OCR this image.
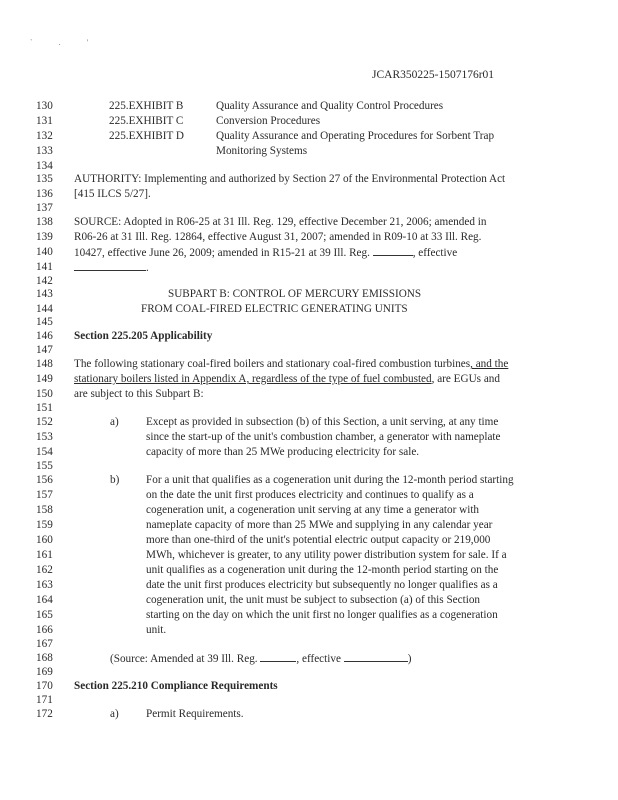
` . '
JCAR350225-1507176r01
130	225.EXHIBIT B	Quality Assurance and Quality Control Procedures
131	225.EXHIBIT C	Conversion Procedures
132	225.EXHIBIT D	Quality Assurance and Operating Procedures for Sorbent Trap
133	Monitoring Systems
134
135 AUTHORITY: Implementing and authorized by Section 27 of the Environmental Protection Act
136 [415 ILCS 5/27].
137
138 SOURCE: Adopted in R06-25 at 31 Ill. Reg. 129, effective December 21, 2006; amended in
139 R06-26 at 31 Ill. Reg. 12864, effective August 31, 2007; amended in R09-10 at 33 Ill. Reg.
140 10427, effective June 26, 2009; amended in R15-21 at 39 Ill. Reg.	, effective
141	.
142
143	SUBPART B: CONTROL OF MERCURY EMISSIONS
144	FROM COAL-FIRED ELECTRIC GENERATING UNITS
145
146 Section 225.205 Applicability
147
148 The following stationary coal-fired boilers and stationary coal-fired combustion turbines, and the
149 stationary boilers listed in Appendix A, regardless of the type of fuel combusted, are EGUs and
150 are subject to this Subpart B:
151
152	a) Except as provided in subsection (b) of this Section, a unit serving, at any time
153	since the start-up of the unit's combustion chamber, a generator with nameplate
154	capacity of more than 25 MWe producing electricity for sale.
155
156	b) For a unit that qualifies as a cogeneration unit during the 12-month period starting
157	on the date the unit first produces electricity and continues to qualify as a
158	cogeneration unit, a cogeneration unit serving at any time a generator with
159	nameplate capacity of more than 25 MWe and supplying in any calendar year
160	more than one-third of the unit's potential electric output capacity or 219,000
161	MWh, whichever is greater, to any utility power distribution system for sale. If a
162	unit qualifies as a cogeneration unit during the 12-month period starting on the
163	date the unit first produces electricity but subsequently no longer qualifies as a
164	cogeneration unit, the unit must be subject to subsection (a) of this Section
165	starting on the day on which the unit first no longer qualifies as a cogeneration
166	unit.
167
168	(Source: Amended at 39 Ill. Reg.	, effective	)
169
170 Section 225.210 Compliance Requirements
171
172	a) Permit Requirements.
